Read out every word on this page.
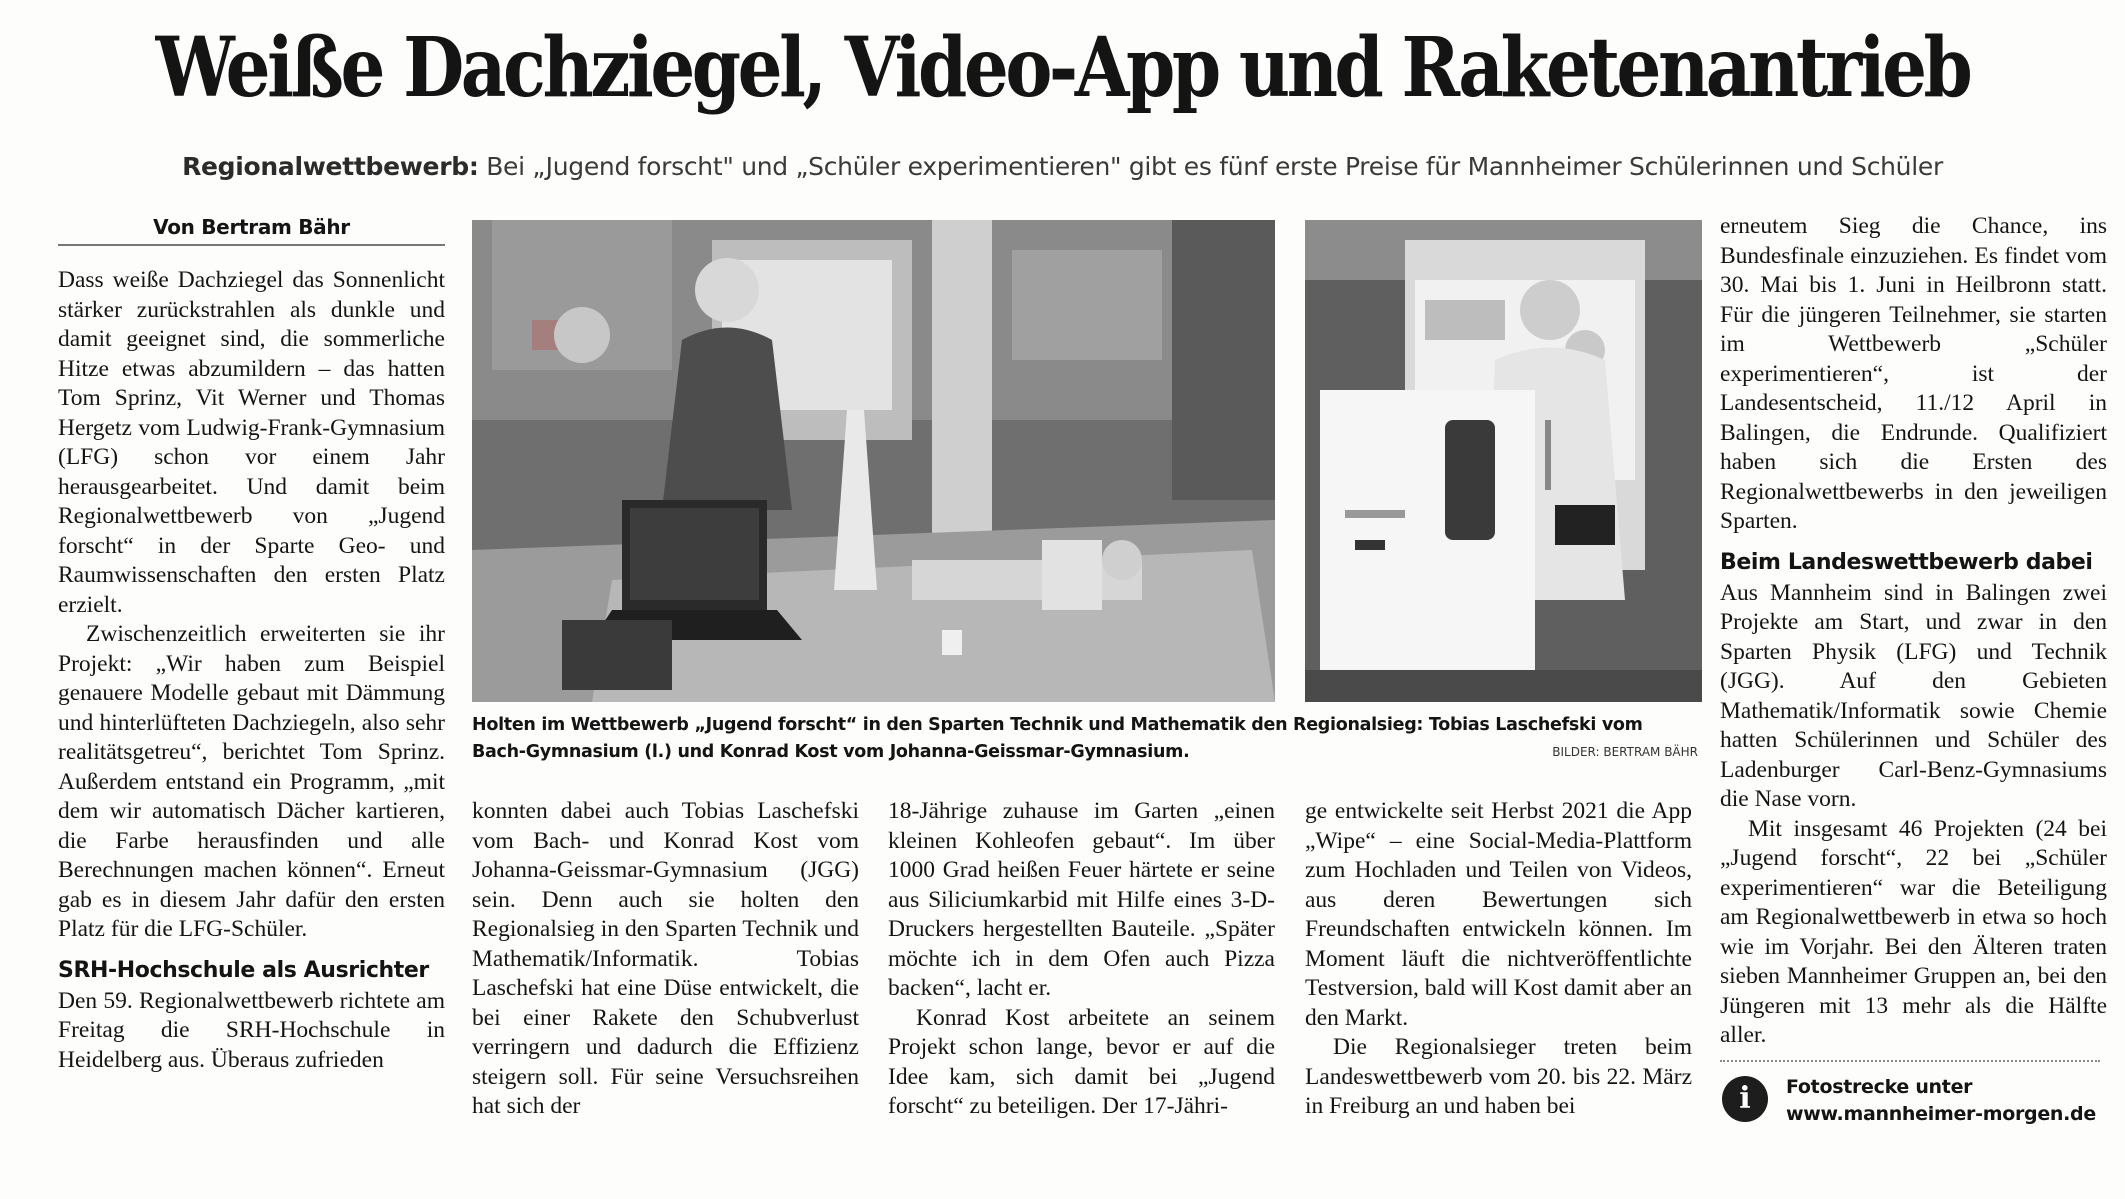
Weiße Dachziegel, Video-App und Raketenantrieb
Regionalwettbewerb: Bei „Jugend forscht" und „Schüler experimentieren" gibt es fünf erste Preise für Mannheimer Schülerinnen und Schüler
Von Bertram Bähr

Dass weiße Dachziegel das Sonnenlicht stärker zurückstrahlen als dunkle und damit geeignet sind, die sommerliche Hitze etwas abzumildern – das hatten Tom Sprinz, Vit Werner und Thomas Hergetz vom Ludwig-Frank-Gymnasium (LFG) schon vor einem Jahr herausgearbeitet. Und damit beim Regionalwettbewerb von „Jugend forscht“ in der Sparte Geo- und Raumwissenschaften den ersten Platz erzielt.

Zwischenzeitlich erweiterten sie ihr Projekt: „Wir haben zum Beispiel genauere Modelle gebaut mit Dämmung und hinterlüfteten Dachziegeln, also sehr realitätsgetreu“, berichtet Tom Sprinz. Außerdem entstand ein Programm, „mit dem wir automatisch Dächer kartieren, die Farbe herausfinden und alle Berechnungen machen können“. Erneut gab es in diesem Jahr dafür den ersten Platz für die LFG-Schüler.

SRH-Hochschule als Ausrichter

Den 59. Regionalwettbewerb richtete am Freitag die SRH-Hochschule in Heidelberg aus. Überaus zufrieden

Holten im Wettbewerb „Jugend forscht“ in den Sparten Technik und Mathematik den Regionalsieg: Tobias Laschefski vom Bach-Gymnasium (l.) und Konrad Kost vom Johanna-Geissmar-Gymnasium.	BILDER: BERTRAM BÄHR

konnten dabei auch Tobias Laschefski vom Bach- und Konrad Kost vom Johanna-Geissmar-Gymnasium (JGG) sein. Denn auch sie holten den Regionalsieg in den Sparten Technik und Mathematik/Informatik. Tobias Laschefski hat eine Düse entwickelt, die bei einer Rakete den Schubverlust verringern und dadurch die Effizienz steigern soll. Für seine Versuchsreihen hat sich der

18-Jährige zuhause im Garten „einen kleinen Kohleofen gebaut“. Im über 1000 Grad heißen Feuer härtete er seine aus Siliciumkarbid mit Hilfe eines 3-D-Druckers hergestellten Bauteile. „Später möchte ich in dem Ofen auch Pizza backen“, lacht er.

Konrad Kost arbeitete an seinem Projekt schon lange, bevor er auf die Idee kam, sich damit bei „Jugend forscht“ zu beteiligen. Der 17-Jähri-

ge entwickelte seit Herbst 2021 die App „Wipe“ – eine Social-Media-Plattform zum Hochladen und Teilen von Videos, aus deren Bewertungen sich Freundschaften entwickeln können. Im Moment läuft die nichtveröffentlichte Testversion, bald will Kost damit aber an den Markt.

Die Regionalsieger treten beim Landeswettbewerb vom 20. bis 22. März in Freiburg an und haben bei

erneutem Sieg die Chance, ins Bundesfinale einzuziehen. Es findet vom 30. Mai bis 1. Juni in Heilbronn statt. Für die jüngeren Teilnehmer, sie starten im Wettbewerb „Schüler experimentieren“, ist der Landesentscheid, 11./12 April in Balingen, die Endrunde. Qualifiziert haben sich die Ersten des Regionalwettbewerbs in den jeweiligen Sparten.

Beim Landeswettbewerb dabei

Aus Mannheim sind in Balingen zwei Projekte am Start, und zwar in den Sparten Physik (LFG) und Technik (JGG). Auf den Gebieten Mathematik/Informatik sowie Chemie hatten Schülerinnen und Schüler des Ladenburger Carl-Benz-Gymnasiums die Nase vorn.

Mit insgesamt 46 Projekten (24 bei „Jugend forscht“, 22 bei „Schüler experimentieren“ war die Beteiligung am Regionalwettbewerb in etwa so hoch wie im Vorjahr. Bei den Älteren traten sieben Mannheimer Gruppen an, bei den Jüngeren mit 13 mehr als die Hälfte aller.

i	Fotostrecke unter
www.mannheimer-morgen.de
